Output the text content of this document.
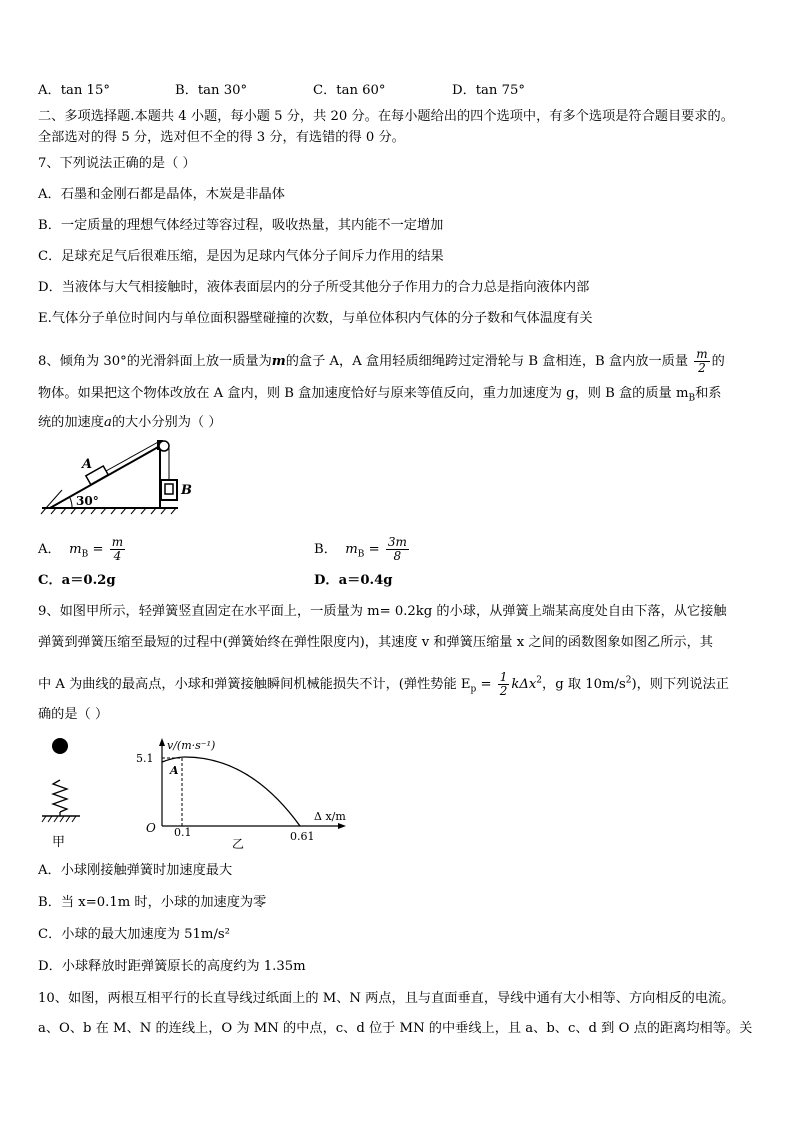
A．tan 15°	B．tan 30°	C．tan 60°	D．tan 75°
二、多项选择题.本题共 4 小题，每小题 5 分，共 20 分。在每小题给出的四个选项中，有多个选项是符合题目要求的。
全部选对的得 5 分，选对但不全的得 3 分，有选错的得 0 分。
7、下列说法正确的是（ ）
A．石墨和金刚石都是晶体，木炭是非晶体
B．一定质量的理想气体经过等容过程，吸收热量，其内能不一定增加
C．足球充足气后很难压缩，是因为足球内气体分子间斥力作用的结果
D．当液体与大气相接触时，液体表面层内的分子所受其他分子作用力的合力总是指向液体内部
E.气体分子单位时间内与单位面积器壁碰撞的次数，与单位体积内气体的分子数和气体温度有关
8、倾角为 30°的光滑斜面上放一质量为m的盒子 A，A 盒用轻质细绳跨过定滑轮与 B 盒相连，B 盒内放一质量 $\frac{m}{2}$ 的
物体。如果把这个物体改放在 A 盒内，则 B 盒加速度恰好与原来等值反向，重力加速度为 g，则 B 盒的质量 $m_B$和系
统的加速度a的大小分别为（ ）
A
B
30°
A． $m_B = \frac{m}{4}$	B． $m_B = \frac{3m}{8}$
C．a＝0.2g	D．a＝0.4g
9、如图甲所示，轻弹簧竖直固定在水平面上，一质量为 m= 0.2kg 的小球，从弹簧上端某高度处自由下落，从它接触
弹簧到弹簧压缩至最短的过程中(弹簧始终在弹性限度内)，其速度 v 和弹簧压缩量 x 之间的函数图象如图乙所示，其
中 A 为曲线的最高点，小球和弹簧接触瞬间机械能损失不计，(弹性势能 $E_p = \frac{1}{2} k\Delta x^2$，g 取 $10m/s^2$)，则下列说法正
确的是（ ）
甲
v/(m·s⁻¹)
5.1
A
Δ x/m
O 0.1	0.61
乙
A．小球刚接触弹簧时加速度最大
B．当 x=0.1m 时，小球的加速度为零
C．小球的最大加速度为 51m/s²
D．小球释放时距弹簧原长的高度约为 1.35m
10、如图，两根互相平行的长直导线过纸面上的 M、N 两点，且与直面垂直，导线中通有大小相等、方向相反的电流。
a、O、b 在 M、N 的连线上，O 为 MN 的中点，c、d 位于 MN 的中垂线上，且 a、b、c、d 到 O 点的距离均相等。关
